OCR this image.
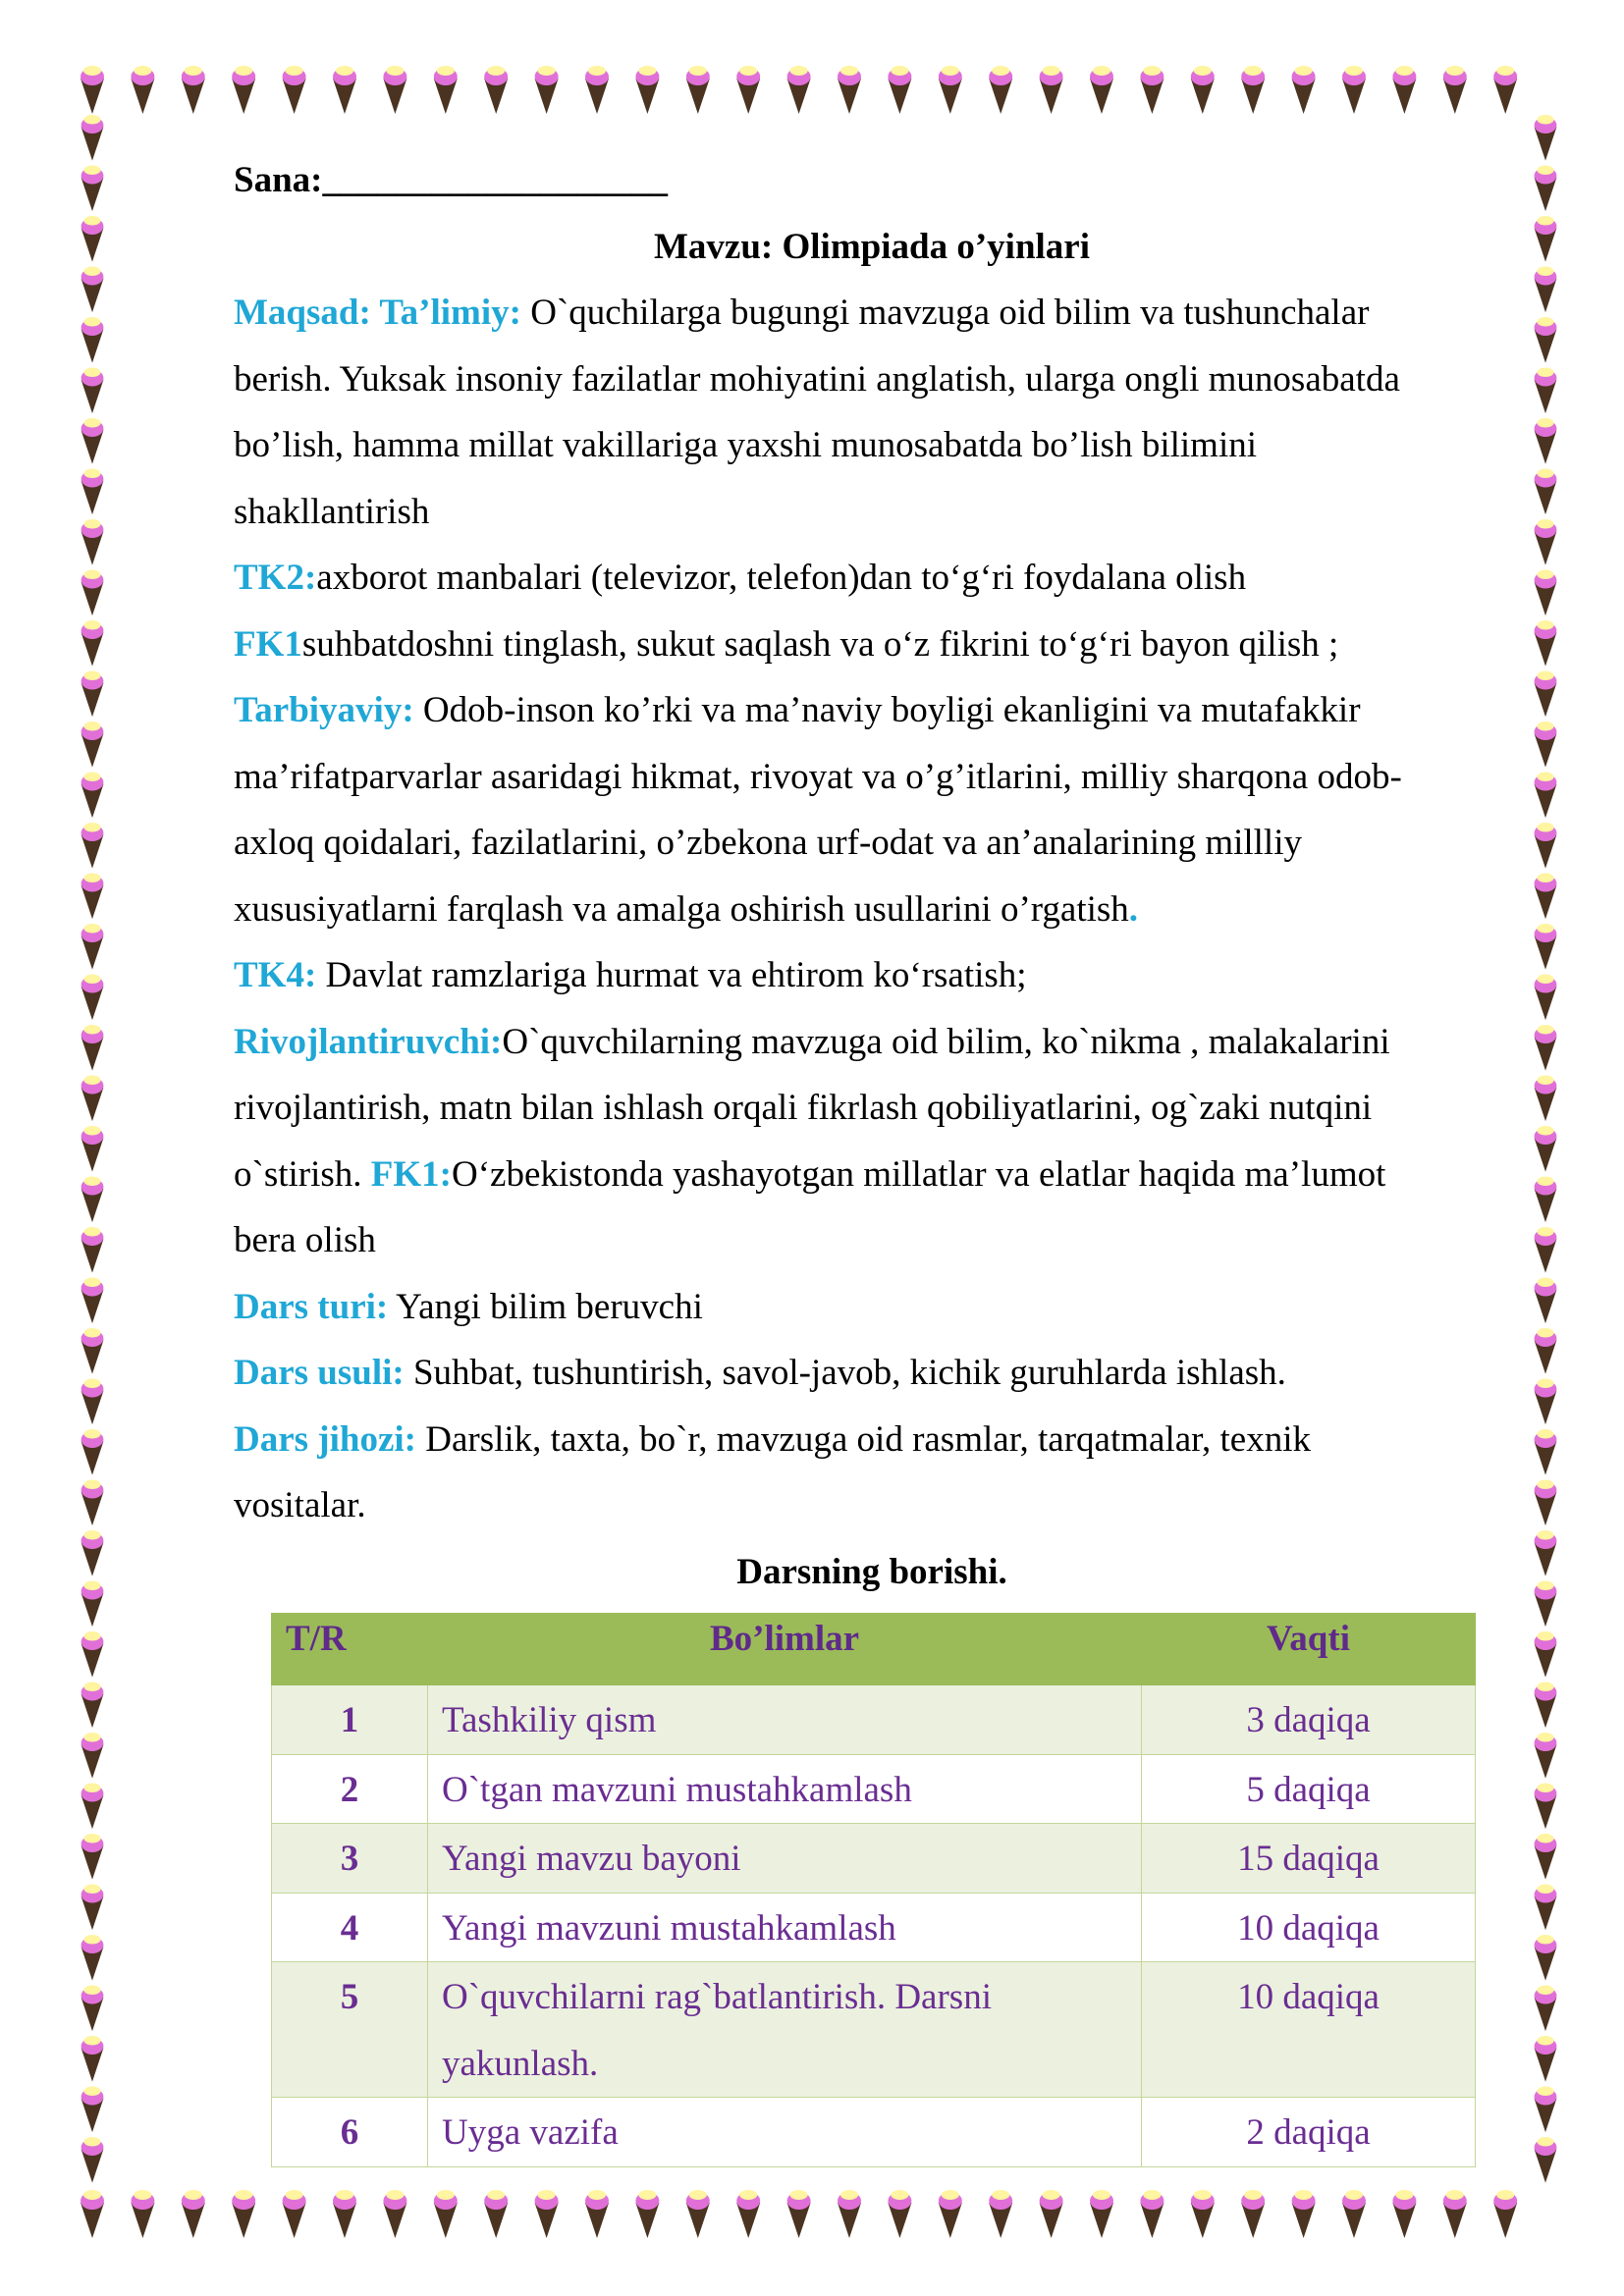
Sana:___________________

Mavzu: Olimpiada o’yinlari

Maqsad: Ta’limiy: O`quchilarga bugungi mavzuga oid bilim va tushunchalar

berish. Yuksak insoniy fazilatlar mohiyatini anglatish, ularga ongli munosabatda

bo’lish, hamma millat vakillariga yaxshi munosabatda bo’lish bilimini

shakllantirish

TK2:axborot manbalari (televizor, telefon)dan to‘g‘ri foydalana olish

FK1suhbatdoshni tinglash, sukut saqlash va o‘z fikrini to‘g‘ri bayon qilish ;

Tarbiyaviy: Odob-inson ko’rki va ma’naviy boyligi ekanligini va mutafakkir

ma’rifatparvarlar asaridagi hikmat, rivoyat va o’g’itlarini, milliy sharqona odob-

axloq qoidalari, fazilatlarini, o’zbekona urf-odat va an’analarining millliy

xususiyatlarni farqlash va amalga oshirish usullarini o’rgatish.

TK4: Davlat ramzlariga hurmat va ehtirom ko‘rsatish;

Rivojlantiruvchi:O`quvchilarning mavzuga oid bilim, ko`nikma , malakalarini

rivojlantirish, matn bilan ishlash orqali fikrlash qobiliyatlarini, og`zaki nutqini

o`stirish. FK1:O‘zbekistonda yashayotgan millatlar va elatlar haqida ma’lumot

bera olish

Dars turi: Yangi bilim beruvchi

Dars usuli: Suhbat, tushuntirish, savol-javob, kichik guruhlarda ishlash.

Dars jihozi: Darslik, taxta, bo`r, mavzuga oid rasmlar, tarqatmalar, texnik

vositalar.

Darsning borishi.

T/R	Bo’limlar	Vaqti
1	Tashkiliy qism	3 daqiqa
2	O`tgan mavzuni mustahkamlash	5 daqiqa
3	Yangi mavzu bayoni	15 daqiqa
4	Yangi mavzuni mustahkamlash	10 daqiqa
5	O`quvchilarni rag`batlantirish. Darsni yakunlash.	10 daqiqa
6	Uyga vazifa	2 daqiqa
